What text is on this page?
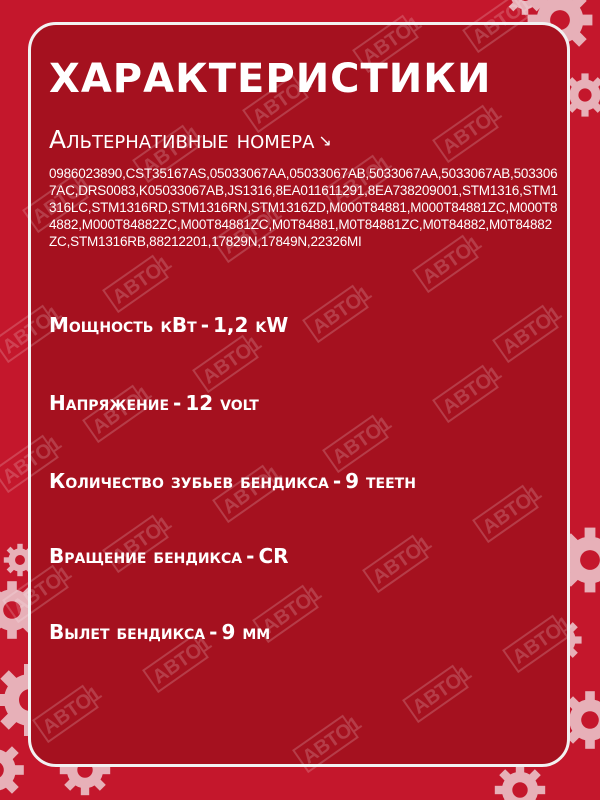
ХАРАКТЕРИСТИКИ
Альтернативные номера ↘
0986023890,CST35167AS,05033067AA,05033067AB,5033067AA,5033067AB,5033067AC,DRS0083,K05033067AB,JS1316,8EA011611291,8EA738209001,STM1316,STM1316LC,STM1316RD,STM1316RN,STM1316ZD,M000T84881,M000T84881ZC,M000T84882,M000T84882ZC,M00T84881ZC,M0T84881,M0T84881ZC,M0T84882,M0T84882ZC,STM1316RB,88212201,17829N,17849N,22326MI
Мощность кВт - 1,2 kW
Напряжение - 12 volt
Количество зубьев бендикса - 9 teeth
Вращение бендикса - CR
Вылет бендикса - 9 мм
